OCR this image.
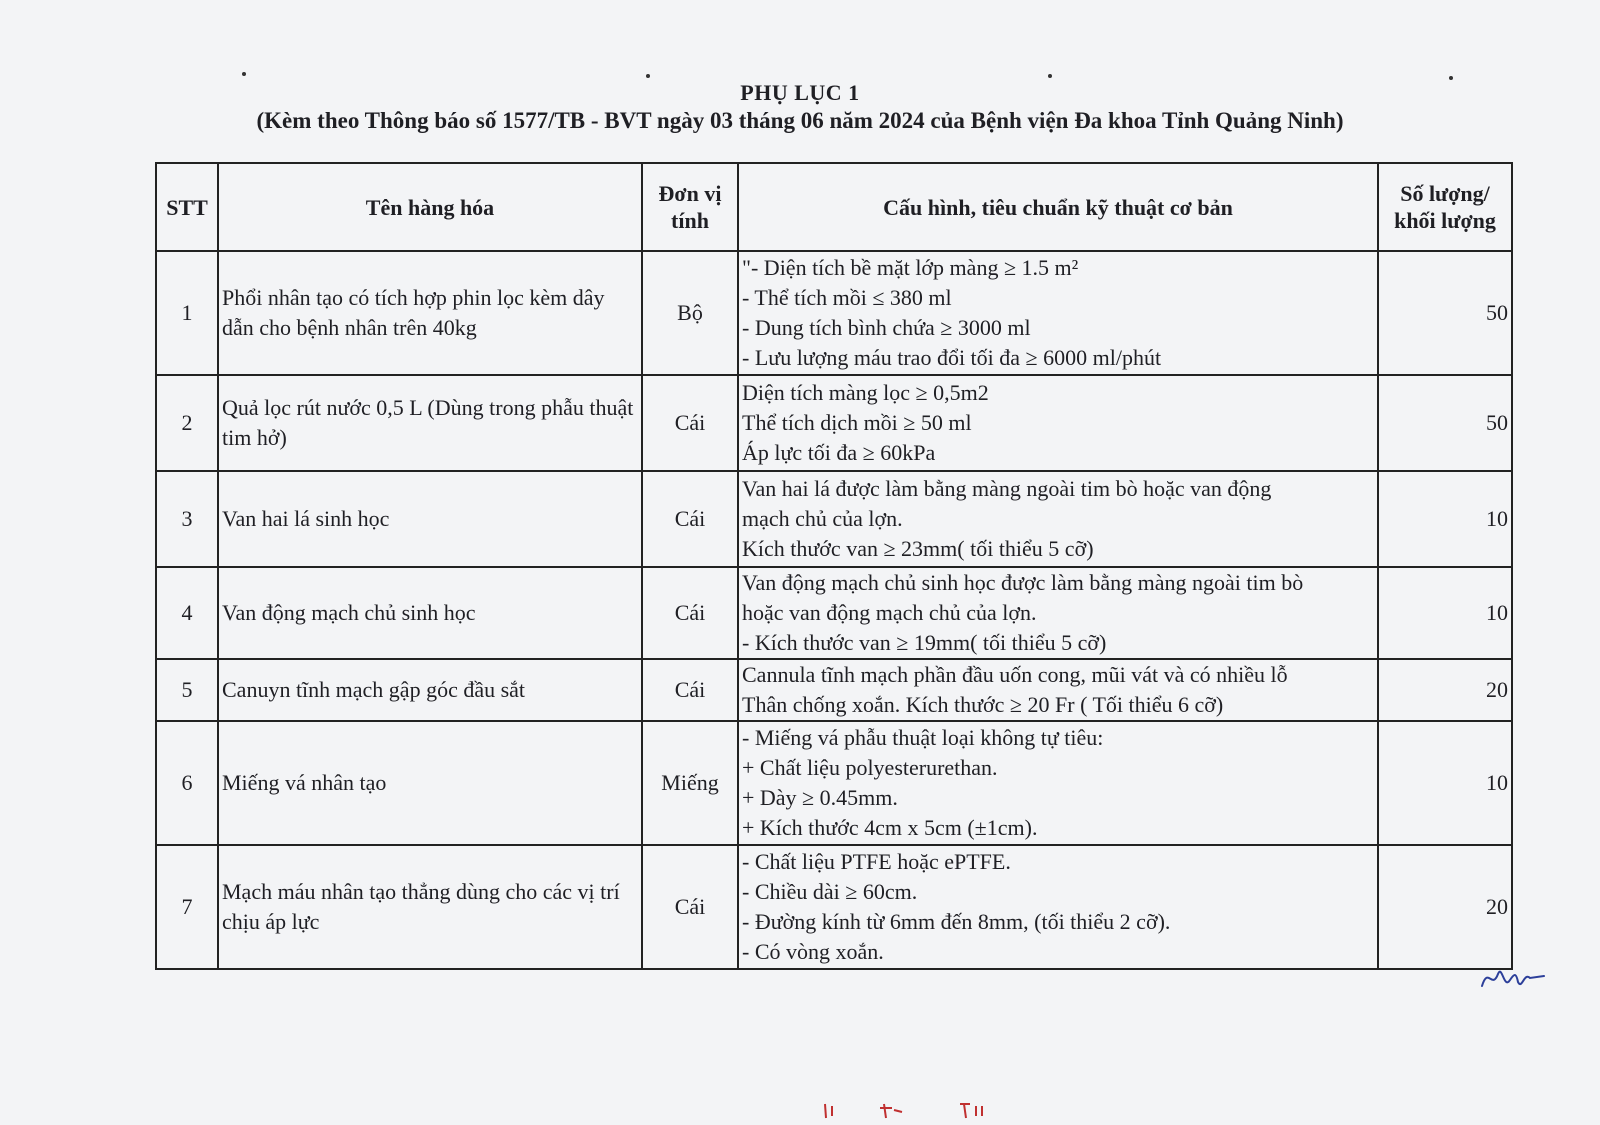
PHỤ LỤC 1
(Kèm theo Thông báo số 1577/TB - BVT ngày 03 tháng 06 năm 2024 của Bệnh viện Đa khoa Tỉnh Quảng Ninh)
STT	Tên hàng hóa	Đơn vị
tính	Cấu hình, tiêu chuẩn kỹ thuật cơ bản	Số lượng/
khối lượng
1	Phổi nhân tạo có tích hợp phin lọc kèm dây dẫn cho bệnh nhân trên 40kg	Bộ	"- Diện tích bề mặt lớp màng ≥ 1.5 m²
- Thể tích mồi ≤ 380 ml
- Dung tích bình chứa ≥ 3000 ml
- Lưu lượng máu trao đổi tối đa ≥ 6000 ml/phút	50
2	Quả lọc rút nước 0,5 L (Dùng trong phẫu thuật tim hở)	Cái	Diện tích màng lọc ≥ 0,5m2
Thể tích dịch mồi ≥ 50 ml
Áp lực tối đa ≥ 60kPa	50
3	Van hai lá sinh học	Cái	Van hai lá được làm bằng màng ngoài tim bò hoặc van động
mạch chủ của lợn.
Kích thước van ≥ 23mm( tối thiểu 5 cỡ)	10
4	Van động mạch chủ sinh học	Cái	Van động mạch chủ sinh học được làm bằng màng ngoài tim bò
hoặc van động mạch chủ của lợn.
- Kích thước van ≥ 19mm( tối thiểu 5 cỡ)	10
5	Canuyn tĩnh mạch gập góc đầu sắt	Cái	Cannula tĩnh mạch phần đầu uốn cong, mũi vát và có nhiều lỗ
Thân chống xoắn. Kích thước ≥ 20 Fr ( Tối thiểu 6 cỡ)	20
6	Miếng vá nhân tạo	Miếng	- Miếng vá phẫu thuật loại không tự tiêu:
+ Chất liệu polyesterurethan.
+ Dày ≥ 0.45mm.
+ Kích thước 4cm x 5cm (±1cm).	10
7	Mạch máu nhân tạo thẳng dùng cho các vị trí chịu áp lực	Cái	- Chất liệu PTFE hoặc ePTFE.
- Chiều dài ≥ 60cm.
- Đường kính từ 6mm đến 8mm, (tối thiểu 2 cỡ).
- Có vòng xoắn.	20
